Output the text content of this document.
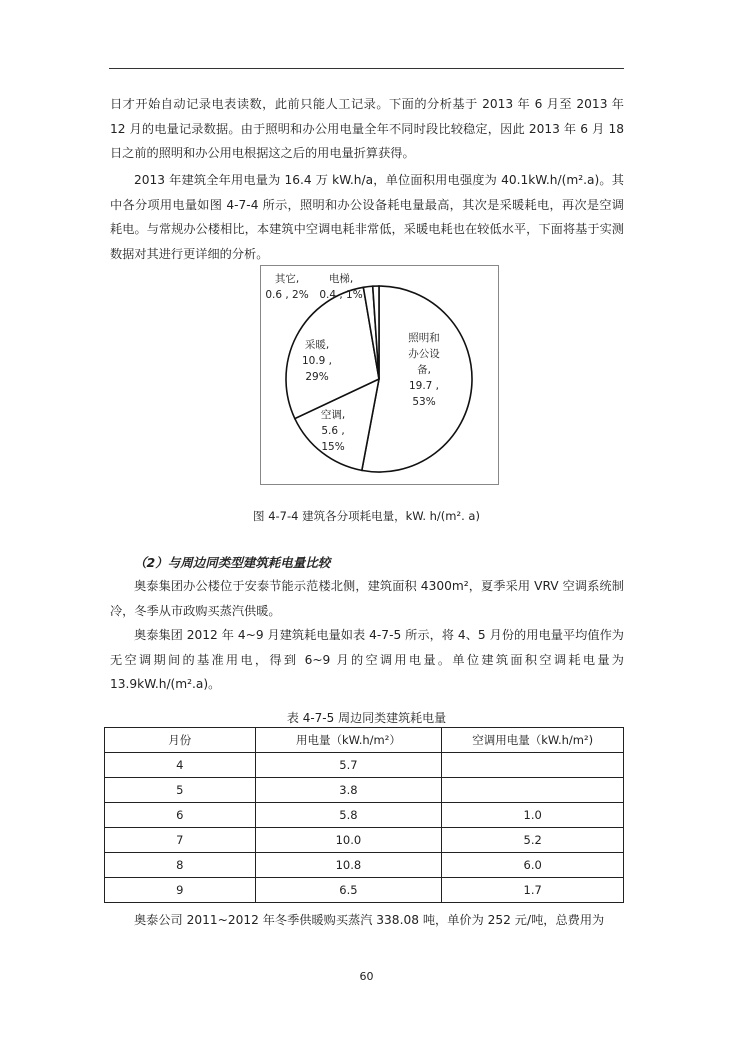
日才开始自动记录电表读数，此前只能人工记录。下面的分析基于 2013 年 6 月至 2013 年 12 月的电量记录数据。由于照明和办公用电量全年不同时段比较稳定，因此 2013 年 6 月 18 日之前的照明和办公用电根据这之后的用电量折算获得。
2013 年建筑全年用电量为 16.4 万 kW.h/a，单位面积用电强度为 40.1kW.h/(m².a)。其中各分项用电量如图 4-7-4 所示，照明和办公设备耗电量最高，其次是采暖耗电，再次是空调耗电。与常规办公楼相比，本建筑中空调电耗非常低，采暖电耗也在较低水平，下面将基于实测数据对其进行更详细的分析。
照明和办公设备, 19.7 , 53%
空调, 5.6 , 15%
采暖, 10.9 , 29%
其它, 0.6 , 2%
电梯, 0.4 , 1%
图 4-7-4 建筑各分项耗电量，kW. h/(m². a)
（2）与周边同类型建筑耗电量比较
奥泰集团办公楼位于安泰节能示范楼北侧，建筑面积 4300m²，夏季采用 VRV 空调系统制冷，冬季从市政购买蒸汽供暖。
奥泰集团 2012 年 4~9 月建筑耗电量如表 4-7-5 所示，将 4、5 月份的用电量平均值作为无空调期间的基准用电，得到 6~9 月的空调用电量。单位建筑面积空调耗电量为 13.9kW.h/(m².a)。
表 4-7-5 周边同类建筑耗电量
月份	用电量（kW.h/m²）	空调用电量（kW.h/m²)
4	5.7	
5	3.8	
6	5.8	1.0
7	10.0	5.2
8	10.8	6.0
9	6.5	1.7
奥泰公司 2011~2012 年冬季供暖购买蒸汽 338.08 吨，单价为 252 元/吨，总费用为
60
